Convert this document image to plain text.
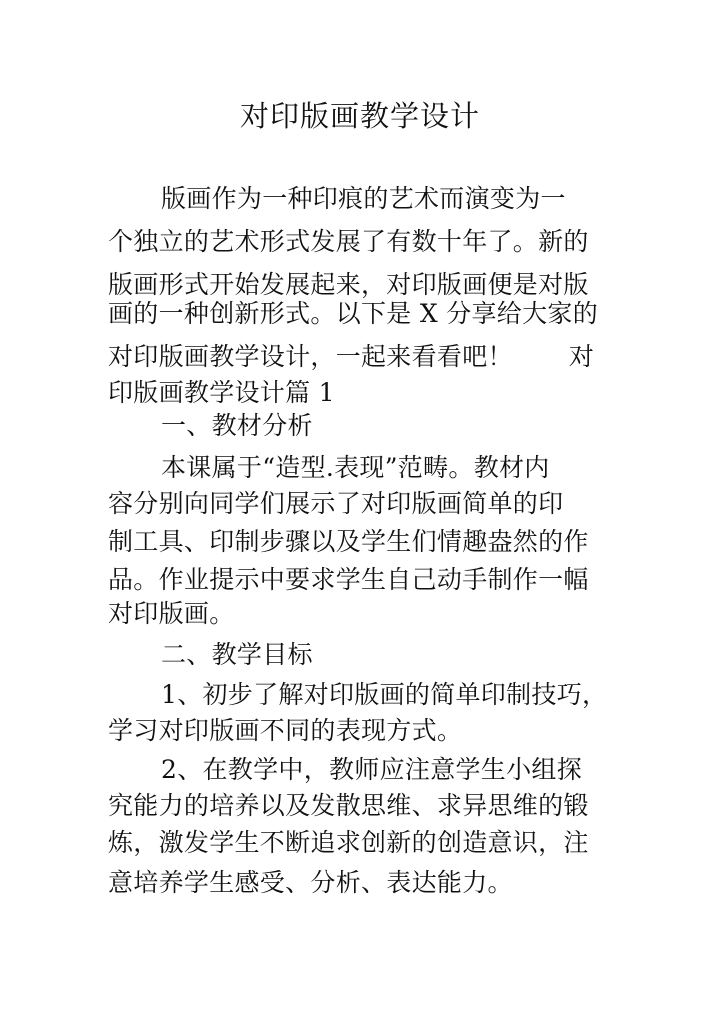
对印版画教学设计
版画作为一种印痕的艺术而演变为一
个独立的艺术形式发展了有数十年了。新的
版画形式开始发展起来，对印版画便是对版
画的一种创新形式。以下是 X 分享给大家的
对印版画教学设计，一起来看看吧！ 对
印版画教学设计篇 1
一、教材分析
本课属于“造型.表现”范畴。教材内
容分别向同学们展示了对印版画简单的印
制工具、印制步骤以及学生们情趣盎然的作
品。作业提示中要求学生自己动手制作一幅
对印版画。
二、教学目标
1、初步了解对印版画的简单印制技巧，
学习对印版画不同的表现方式。
2、在教学中，教师应注意学生小组探
究能力的培养以及发散思维、求异思维的锻
炼，激发学生不断追求创新的创造意识，注
意培养学生感受、分析、表达能力。
